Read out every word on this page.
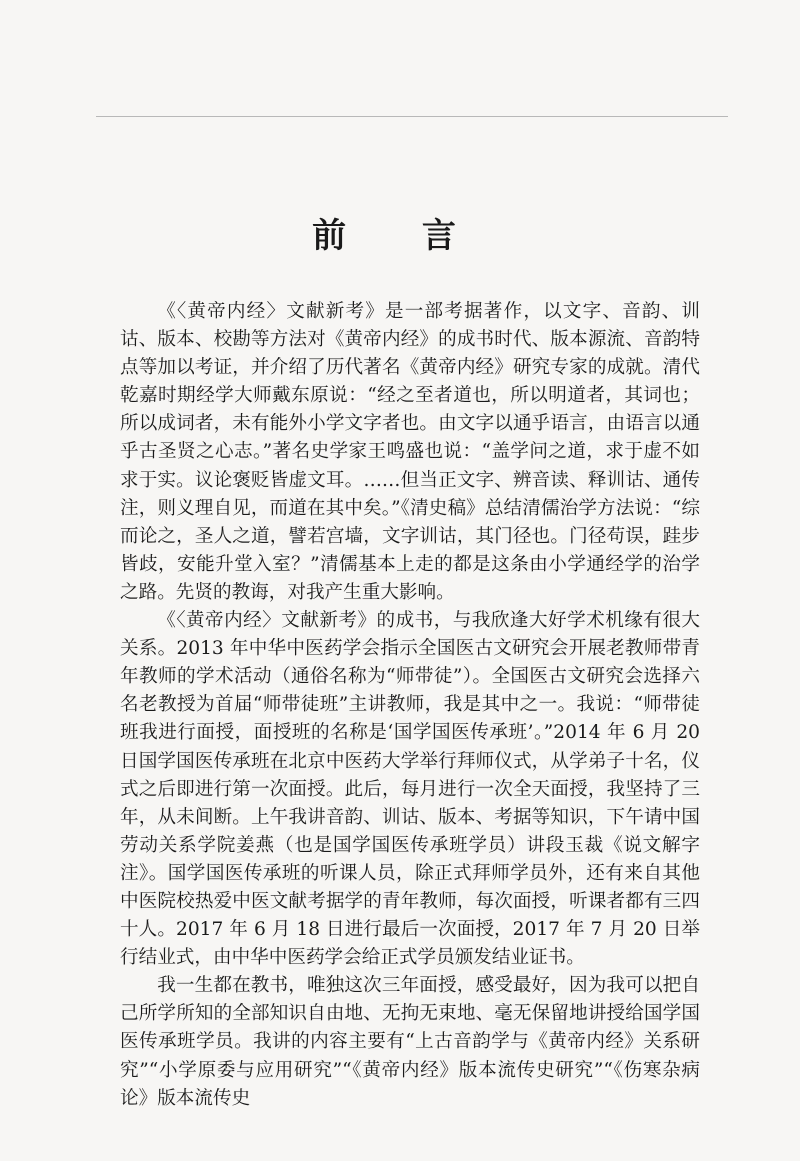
前 言

《〈黄帝内经〉文献新考》是一部考据著作，以文字、音韵、训诂、版本、校勘等方法对《黄帝内经》的成书时代、版本源流、音韵特点等加以考证，并介绍了历代著名《黄帝内经》研究专家的成就。清代乾嘉时期经学大师戴东原说：“经之至者道也，所以明道者，其词也；所以成词者，未有能外小学文字者也。由文字以通乎语言，由语言以通乎古圣贤之心志。”著名史学家王鸣盛也说：“盖学问之道，求于虚不如求于实。议论褒贬皆虚文耳。……但当正文字、辨音读、释训诂、通传注，则义理自见，而道在其中矣。”《清史稿》总结清儒治学方法说：“综而论之，圣人之道，譬若宫墙，文字训诂，其门径也。门径苟误，跬步皆歧，安能升堂入室？”清儒基本上走的都是这条由小学通经学的治学之路。先贤的教诲，对我产生重大影响。

《〈黄帝内经〉文献新考》的成书，与我欣逢大好学术机缘有很大关系。2013 年中华中医药学会指示全国医古文研究会开展老教师带青年教师的学术活动（通俗名称为“师带徒”）。全国医古文研究会选择六名老教授为首届“师带徒班”主讲教师，我是其中之一。我说：“师带徒班我进行面授，面授班的名称是‘国学国医传承班’。”2014 年 6 月 20 日国学国医传承班在北京中医药大学举行拜师仪式，从学弟子十名，仪式之后即进行第一次面授。此后，每月进行一次全天面授，我坚持了三年，从未间断。上午我讲音韵、训诂、版本、考据等知识，下午请中国劳动关系学院姜燕（也是国学国医传承班学员）讲段玉裁《说文解字注》。国学国医传承班的听课人员，除正式拜师学员外，还有来自其他中医院校热爱中医文献考据学的青年教师，每次面授，听课者都有三四十人。2017 年 6 月 18 日进行最后一次面授，2017 年 7 月 20 日举行结业式，由中华中医药学会给正式学员颁发结业证书。

我一生都在教书，唯独这次三年面授，感受最好，因为我可以把自己所学所知的全部知识自由地、无拘无束地、毫无保留地讲授给国学国医传承班学员。我讲的内容主要有“上古音韵学与《黄帝内经》关系研究”“小学原委与应用研究”“《黄帝内经》版本流传史研究”“《伤寒杂病论》版本流传史
